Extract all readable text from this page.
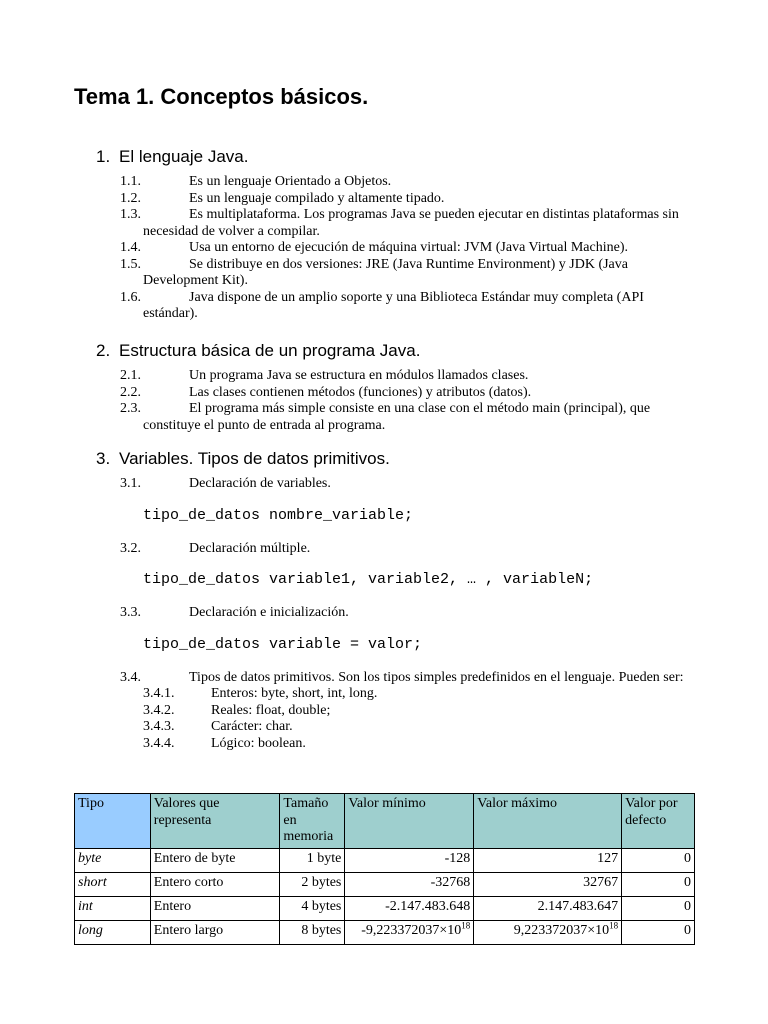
Tema 1. Conceptos básicos.
1. El lenguaje Java.
1.1.	Es un lenguaje Orientado a Objetos.
1.2.	Es un lenguaje compilado y altamente tipado.
1.3.	Es multiplataforma. Los programas Java se pueden ejecutar en distintas plataformas sin necesidad de volver a compilar.
1.4.	Usa un entorno de ejecución de máquina virtual: JVM (Java Virtual Machine).
1.5.	Se distribuye en dos versiones: JRE (Java Runtime Environment) y JDK (Java Development Kit).
1.6.	Java dispone de un amplio soporte y una Biblioteca Estándar muy completa (API estándar).
2. Estructura básica de un programa Java.
2.1.	Un programa Java se estructura en módulos llamados clases.
2.2.	Las clases contienen métodos (funciones) y atributos (datos).
2.3.	El programa más simple consiste en una clase con el método main (principal), que constituye el punto de entrada al programa.
3. Variables. Tipos de datos primitivos.
3.1.	Declaración de variables.
tipo_de_datos nombre_variable;
3.2.	Declaración múltiple.
tipo_de_datos variable1, variable2, … , variableN;
3.3.	Declaración e inicialización.
tipo_de_datos variable = valor;
3.4.	Tipos de datos primitivos. Son los tipos simples predefinidos en el lenguaje. Pueden ser:
3.4.1.	Enteros: byte, short, int, long.
3.4.2.	Reales: float, double;
3.4.3.	Carácter: char.
3.4.4.	Lógico: boolean.
Tipo	Valores que representa	Tamaño en memoria	Valor mínimo	Valor máximo	Valor por defecto
byte	Entero de byte	1 byte	-128	127	0
short	Entero corto	2 bytes	-32768	32767	0
int	Entero	4 bytes	-2.147.483.648	2.147.483.647	0
long	Entero largo	8 bytes	$-9,223372037\times 10^{18}$	$9,223372037\times 10^{18}$	0
